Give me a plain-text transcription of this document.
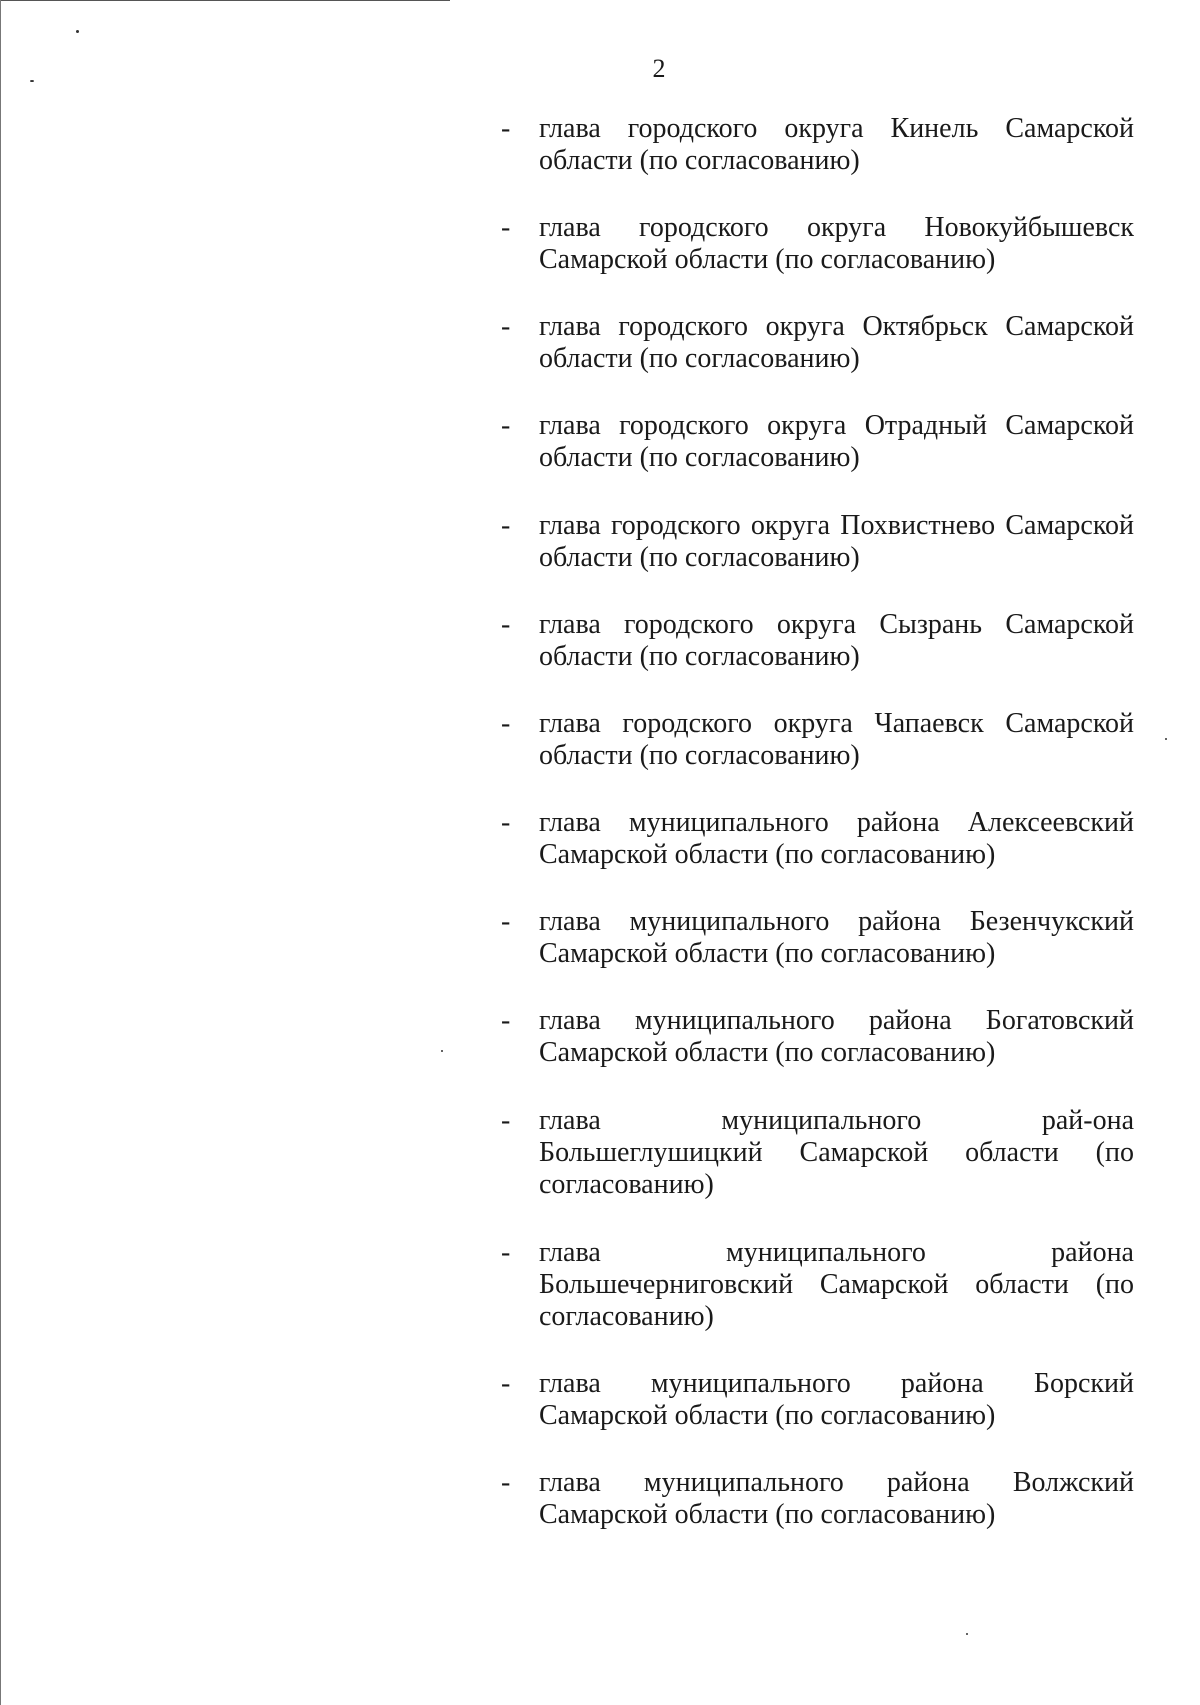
2
- глава городского округа Кинель Самарской области (по согласованию)

- глава городского округа Новокуйбышевск Самарской области (по согласованию)

- глава городского округа Октябрьск Самарской области (по согласованию)

- глава городского округа Отрадный Самарской области (по согласованию)

- глава городского округа Похвистнево Самарской области (по согласованию)

- глава городского округа Сызрань Самарской области (по согласованию)

- глава городского округа Чапаевск Самарской области (по согласованию)

- глава муниципального района Алексеевский Самарской области (по согласованию)

- глава муниципального района Безенчукский Самарской области (по согласованию)

- глава муниципального района Богатовский Самарской области (по согласованию)

- глава муниципального рай-она Большеглушицкий Самарской области (по согласованию)

- глава муниципального района Большечерниговский Самарской области (по согласованию)

- глава муниципального района Борский Самарской области (по согласованию)

- глава муниципального района Волжский Самарской области (по согласованию)
